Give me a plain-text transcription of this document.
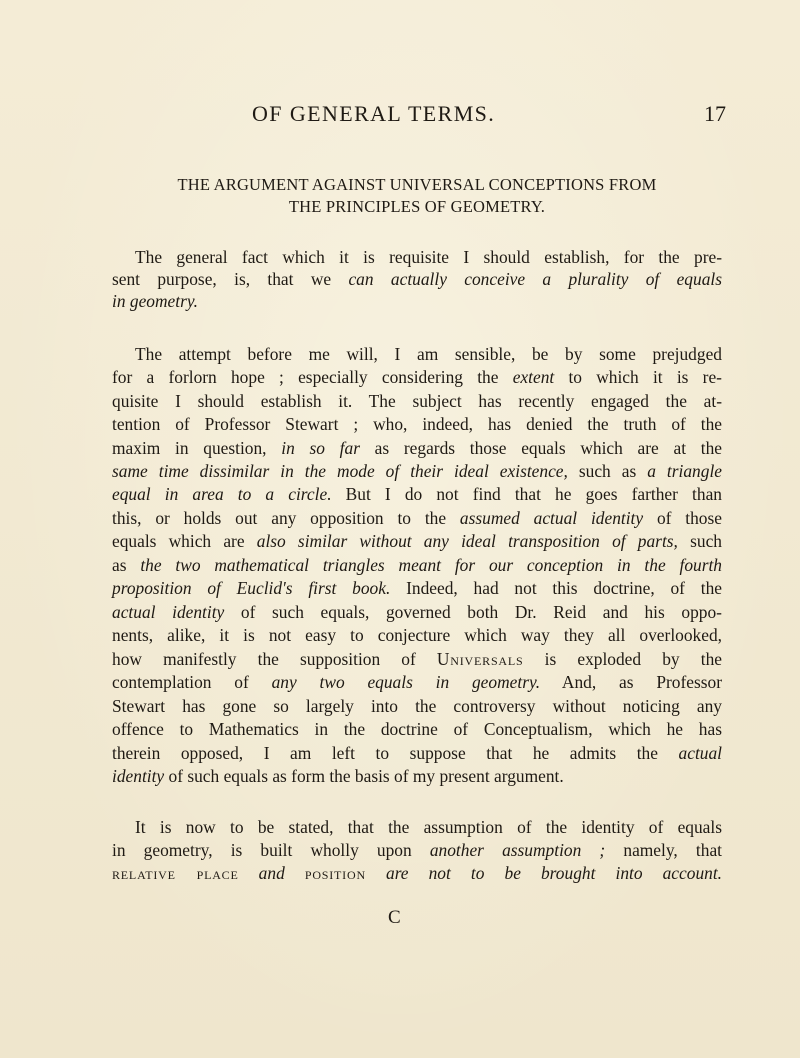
OF GENERAL TERMS.	17
THE ARGUMENT AGAINST UNIVERSAL CONCEPTIONS FROM
THE PRINCIPLES OF GEOMETRY.
The general fact which it is requisite I should establish, for the pre-
sent purpose, is, that we can actually conceive a plurality of equals
in geometry.
The attempt before me will, I am sensible, be by some prejudged
for a forlorn hope ; especially considering the extent to which it is re-
quisite I should establish it. The subject has recently engaged the at-
tention of Professor Stewart ; who, indeed, has denied the truth of the
maxim in question, in so far as regards those equals which are at the
same time dissimilar in the mode of their ideal existence, such as a triangle
equal in area to a circle. But I do not find that he goes farther than
this, or holds out any opposition to the assumed actual identity of those
equals which are also similar without any ideal transposition of parts, such
as the two mathematical triangles meant for our conception in the fourth
proposition of Euclid's first book. Indeed, had not this doctrine, of the
actual identity of such equals, governed both Dr. Reid and his oppo-
nents, alike, it is not easy to conjecture which way they all overlooked,
how manifestly the supposition of Universals is exploded by the
contemplation of any two equals in geometry. And, as Professor
Stewart has gone so largely into the controversy without noticing any
offence to Mathematics in the doctrine of Conceptualism, which he has
therein opposed, I am left to suppose that he admits the actual
identity of such equals as form the basis of my present argument.
It is now to be stated, that the assumption of the identity of equals
in geometry, is built wholly upon another assumption ; namely, that
relative place and position are not to be brought into account.
C
